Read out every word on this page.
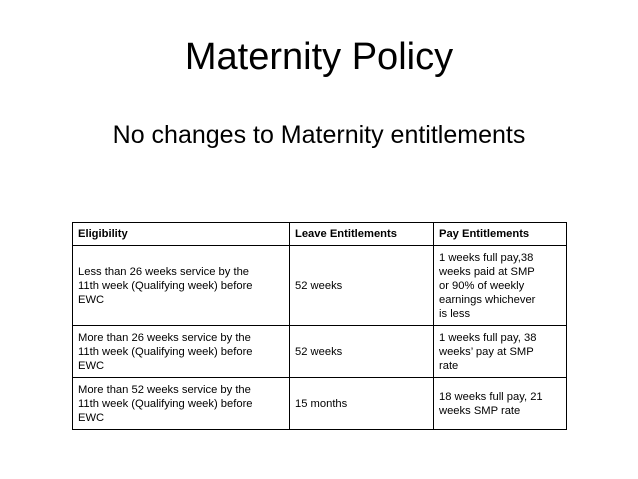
Maternity Policy
No changes to Maternity entitlements
Eligibility	Leave Entitlements	Pay Entitlements

Less than 26 weeks service by the
11th week (Qualifying week) before
EWC	52 weeks	1 weeks full pay,38
weeks paid at SMP
or 90% of weekly
earnings whichever
is less

More than 26 weeks service by the
11th week (Qualifying week) before
EWC	52 weeks	1 weeks full pay, 38
weeks’ pay at SMP
rate

More than 52 weeks service by the
11th week (Qualifying week) before
EWC	15 months	18 weeks full pay, 21
weeks SMP rate
